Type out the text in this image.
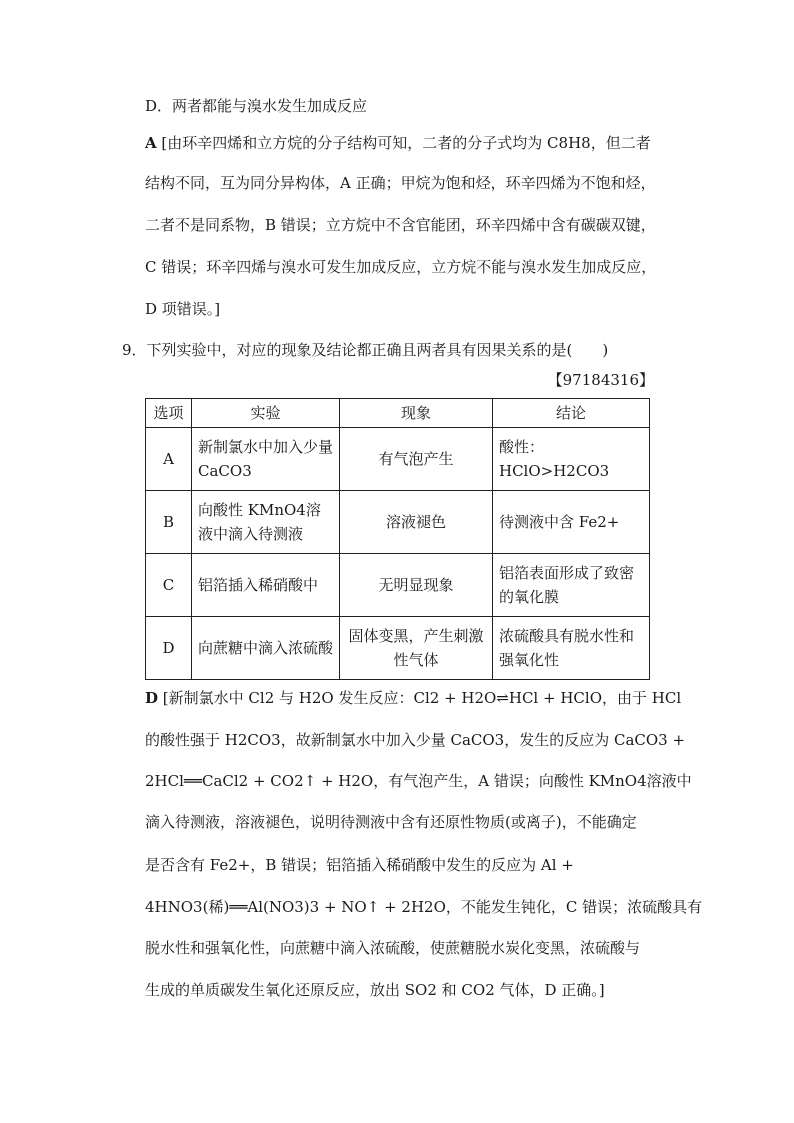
D．两者都能与溴水发生加成反应
A [由环辛四烯和立方烷的分子结构可知，二者的分子式均为 C8H8，但二者
结构不同，互为同分异构体，A 正确；甲烷为饱和烃，环辛四烯为不饱和烃，
二者不是同系物，B 错误；立方烷中不含官能团，环辛四烯中含有碳碳双键，
C 错误；环辛四烯与溴水可发生加成反应，立方烷不能与溴水发生加成反应，
D 项错误。]
9．下列实验中，对应的现象及结论都正确且两者具有因果关系的是(　　)
【97184316】
选项	实验	现象	结论
A	新制氯水中加入少量 CaCO3	有气泡产生	酸性：HClO>H2CO3
B	向酸性 KMnO4溶液中滴入待测液	溶液褪色	待测液中含 Fe2+
C	铝箔插入稀硝酸中	无明显现象	铝箔表面形成了致密的氧化膜
D	向蔗糖中滴入浓硫酸	固体变黑，产生刺激性气体	浓硫酸具有脱水性和强氧化性
D [新制氯水中 Cl2 与 H2O 发生反应：Cl2 + H2O⇌HCl + HClO，由于 HCl
的酸性强于 H2CO3，故新制氯水中加入少量 CaCO3，发生的反应为 CaCO3 +
2HCl══CaCl2 + CO2↑ + H2O，有气泡产生，A 错误；向酸性 KMnO4溶液中
滴入待测液，溶液褪色，说明待测液中含有还原性物质(或离子)，不能确定
是否含有 Fe2+，B 错误；铝箔插入稀硝酸中发生的反应为 Al +
4HNO3(稀)══Al(NO3)3 + NO↑ + 2H2O，不能发生钝化，C 错误；浓硫酸具有
脱水性和强氧化性，向蔗糖中滴入浓硫酸，使蔗糖脱水炭化变黑，浓硫酸与
生成的单质碳发生氧化还原反应，放出 SO2 和 CO2 气体，D 正确。]
